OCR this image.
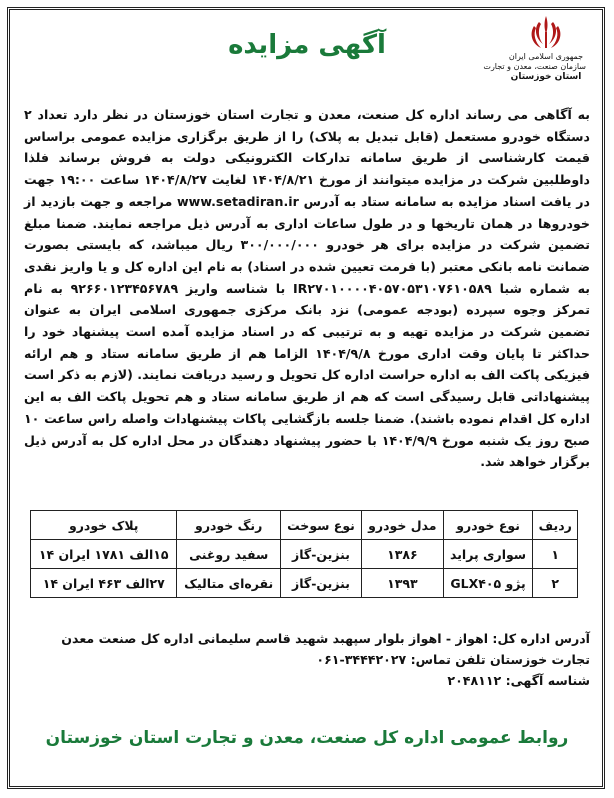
جمهوری اسلامی ایران
سازمان صنعت، معدن و تجارت
استان خوزستان
آگهی مزایده

به آگاهی می رساند اداره کل صنعت، معدن و تجارت استان خوزستان در نظر دارد تعداد ۲ دستگاه خودرو مستعمل (قابل تبدیل به پلاک) را از طریق برگزاری مزایده عمومی براساس قیمت کارشناسی از طریق سامانه تدارکات الکترونیکی دولت به فروش برساند فلذا داوطلبین شرکت در مزایده میتوانند از مورخ ۱۴۰۴/۸/۲۱ لغایت ۱۴۰۴/۸/۲۷ ساعت ۱۹:۰۰ جهت در یافت اسناد مزایده به سامانه ستاد به آدرس www.setadiran.ir مراجعه و جهت بازدید از خودروها در همان تاریخها و در طول ساعات اداری به آدرس ذیل مراجعه نمایند. ضمنا مبلغ تضمین شرکت در مزایده برای هر خودرو ۳۰۰/۰۰۰/۰۰۰ ریال میباشد، که بایستی بصورت ضمانت نامه بانکی معتبر (با فرمت تعیین شده در اسناد) به نام این اداره کل و یا واریز نقدی به شماره شبا IR۲۷۰۱۰۰۰۰۴۰۵۷۰۵۳۱۰۷۶۱۰۵۸۹ با شناسه واریز ۹۲۶۶۰۱۲۳۴۵۶۷۸۹ به نام تمرکز وجوه سپرده (بودجه عمومی) نزد بانک مرکزی جمهوری اسلامی ایران به عنوان تضمین شرکت در مزایده تهیه و به ترتیبی که در اسناد مزایده آمده است پیشنهاد خود را حداکثر تا پایان وقت اداری مورخ ۱۴۰۴/۹/۸ الزاما هم از طریق سامانه ستاد و هم ارائه فیزیکی پاکت الف به اداره حراست اداره کل تحویل و رسید دریافت نمایند. (لازم به ذکر است پیشنهاداتی قابل رسیدگی است که هم از طریق سامانه ستاد و هم تحویل پاکت الف به این اداره کل اقدام نموده باشند). ضمنا جلسه بازگشایی پاکات پیشنهادات واصله راس ساعت ۱۰ صبح روز یک شنبه مورخ ۱۴۰۴/۹/۹ با حضور پیشنهاد دهندگان در محل اداره کل به آدرس ذیل برگزار خواهد شد.

ردیف	نوع خودرو	مدل خودرو	نوع سوخت	رنگ خودرو	پلاک خودرو
۱	سواری پراید	۱۳۸۶	بنزین-گاز	سفید روغنی	۱۵الف ۱۷۸۱ ایران ۱۴
۲	پژو GLX۴۰۵	۱۳۹۳	بنزین-گاز	نقره‌ای متالیک	۲۷الف ۴۶۳ ایران ۱۴

آدرس اداره کل: اهواز - اهواز بلوار سپهبد شهید قاسم سلیمانی اداره کل صنعت معدن تجارت خوزستان تلفن تماس: ۳۴۴۴۲۰۲۷-۰۶۱

شناسه آگهی: ۲۰۴۸۱۱۲

روابط عمومی اداره کل صنعت، معدن و تجارت استان خوزستان
